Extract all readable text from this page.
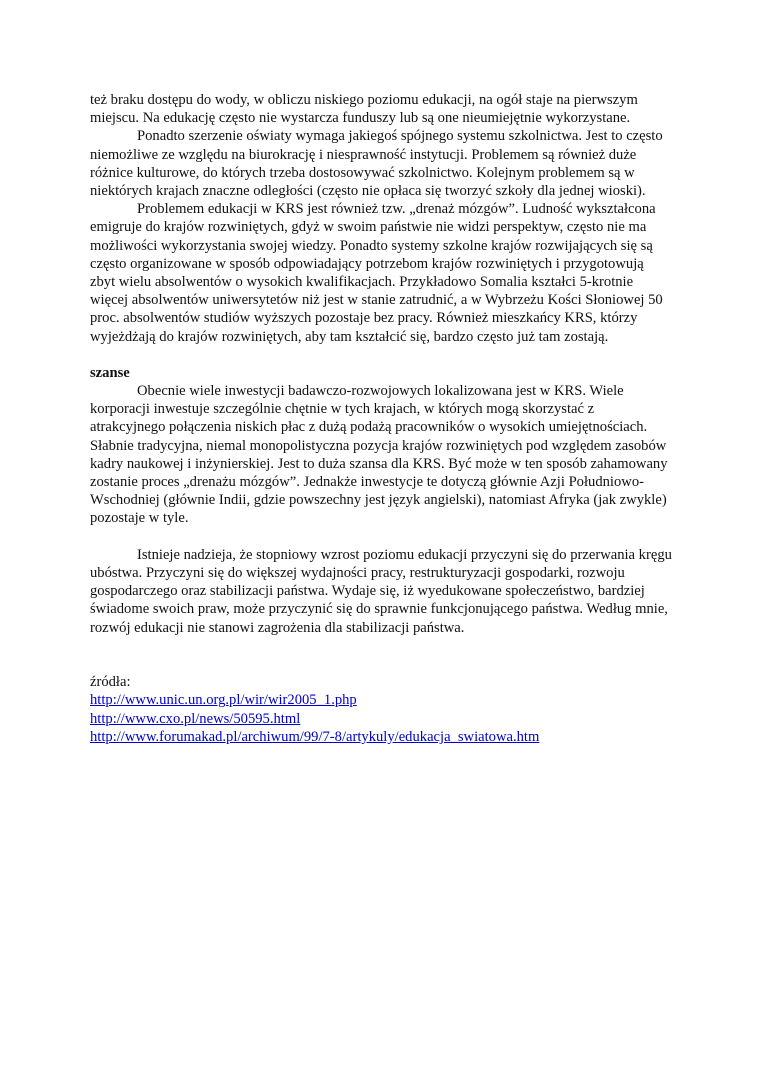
też braku dostępu do wody, w obliczu niskiego poziomu edukacji, na ogół staje na pierwszym miejscu. Na edukację często nie wystarcza funduszy lub są one nieumiejętnie wykorzystane.

Ponadto szerzenie oświaty wymaga jakiegoś spójnego systemu szkolnictwa. Jest to często niemożliwe ze względu na biurokrację i niesprawność instytucji. Problemem są również duże różnice kulturowe, do których trzeba dostosowywać szkolnictwo. Kolejnym problemem są w niektórych krajach znaczne odległości (często nie opłaca się tworzyć szkoły dla jednej wioski).

Problemem edukacji w KRS jest również tzw. „drenaż mózgów”. Ludność wykształcona emigruje do krajów rozwiniętych, gdyż w swoim państwie nie widzi perspektyw, często nie ma możliwości wykorzystania swojej wiedzy. Ponadto systemy szkolne krajów rozwijających się są często organizowane w sposób odpowiadający potrzebom krajów rozwiniętych i przygotowują zbyt wielu absolwentów o wysokich kwalifikacjach. Przykładowo Somalia kształci 5-krotnie więcej absolwentów uniwersytetów niż jest w stanie zatrudnić, a w Wybrzeżu Kości Słoniowej 50 proc. absolwentów studiów wyższych pozostaje bez pracy. Również mieszkańcy KRS, którzy wyjeżdżają do krajów rozwiniętych, aby tam kształcić się, bardzo często już tam zostają.

szanse

Obecnie wiele inwestycji badawczo-rozwojowych lokalizowana jest w KRS. Wiele korporacji inwestuje szczególnie chętnie w tych krajach, w których mogą skorzystać z atrakcyjnego połączenia niskich płac z dużą podażą pracowników o wysokich umiejętnościach. Słabnie tradycyjna, niemal monopolistyczna pozycja krajów rozwiniętych pod względem zasobów kadry naukowej i inżynierskiej. Jest to duża szansa dla KRS. Być może w ten sposób zahamowany zostanie proces „drenażu mózgów”. Jednakże inwestycje te dotyczą głównie Azji Południowo-Wschodniej (głównie Indii, gdzie powszechny jest język angielski), natomiast Afryka (jak zwykle) pozostaje w tyle.

Istnieje nadzieja, że stopniowy wzrost poziomu edukacji przyczyni się do przerwania kręgu ubóstwa. Przyczyni się do większej wydajności pracy, restrukturyzacji gospodarki, rozwoju gospodarczego oraz stabilizacji państwa. Wydaje się, iż wyedukowane społeczeństwo, bardziej świadome swoich praw, może przyczynić się do sprawnie funkcjonującego państwa. Według mnie, rozwój edukacji nie stanowi zagrożenia dla stabilizacji państwa.

źródła:

http://www.unic.un.org.pl/wir/wir2005_1.php
http://www.cxo.pl/news/50595.html
http://www.forumakad.pl/archiwum/99/7-8/artykuly/edukacja_swiatowa.htm
